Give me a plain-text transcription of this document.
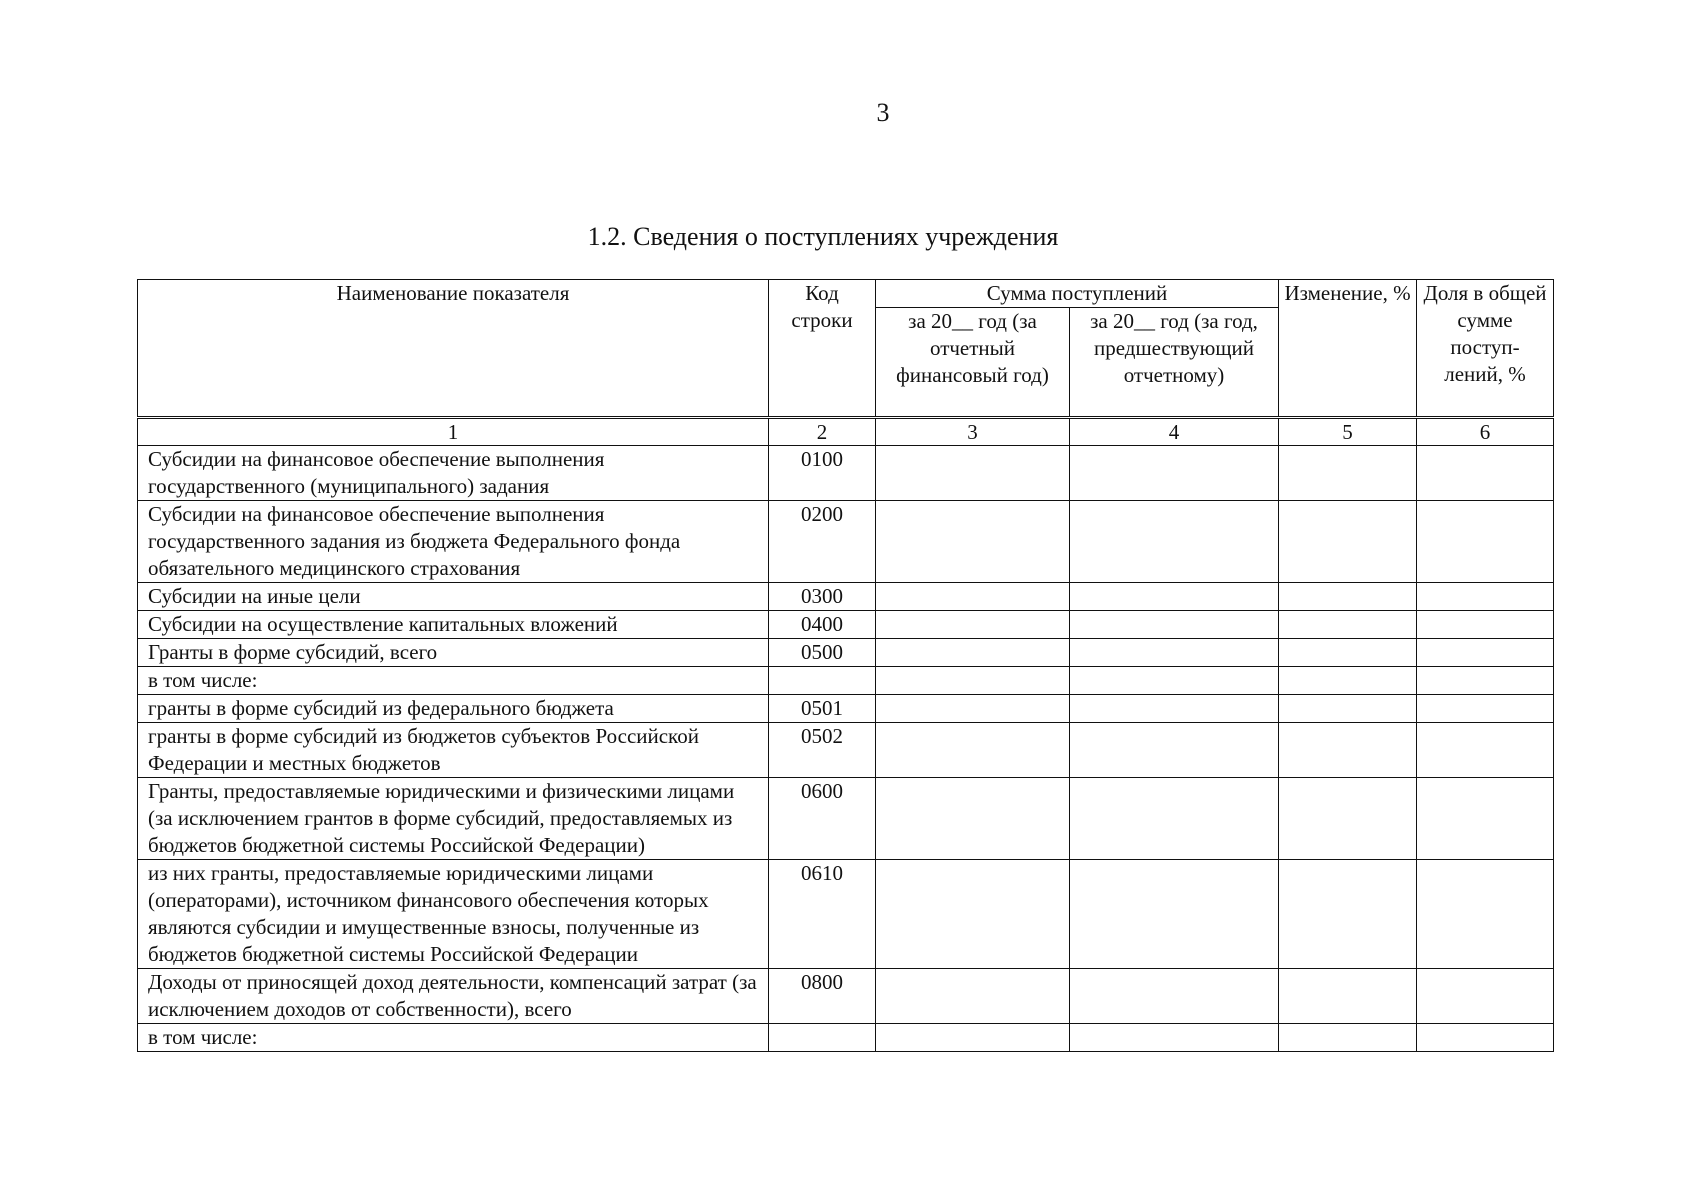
3
1.2. Сведения о поступлениях учреждения
Наименование показателя	Код строки	Сумма поступлений		Изменение, %	Доля в общей сумме поступ- лений, %
		за 20__ год (за отчетный финансовый год)	за 20__ год (за год, предшествующий отчетному)		
1	2	3	4	5	6
Субсидии на финансовое обеспечение выполнения государственного (муниципального) задания	0100				
Субсидии на финансовое обеспечение выполнения государственного задания из бюджета Федерального фонда обязательного медицинского страхования	0200				
Субсидии на иные цели	0300				
Субсидии на осуществление капитальных вложений	0400				
Гранты в форме субсидий, всего	0500				
в том числе:					
гранты в форме субсидий из федерального бюджета	0501				
гранты в форме субсидий из бюджетов субъектов Российской Федерации и местных бюджетов	0502				
Гранты, предоставляемые юридическими и физическими лицами (за исключением грантов в форме субсидий, предоставляемых из бюджетов бюджетной системы Российской Федерации)	0600				
из них гранты, предоставляемые юридическими лицами (операторами), источником финансового обеспечения которых являются субсидии и имущественные взносы, полученные из бюджетов бюджетной системы Российской Федерации	0610				
Доходы от приносящей доход деятельности, компенсаций затрат (за исключением доходов от собственности), всего	0800				
в том числе:					
